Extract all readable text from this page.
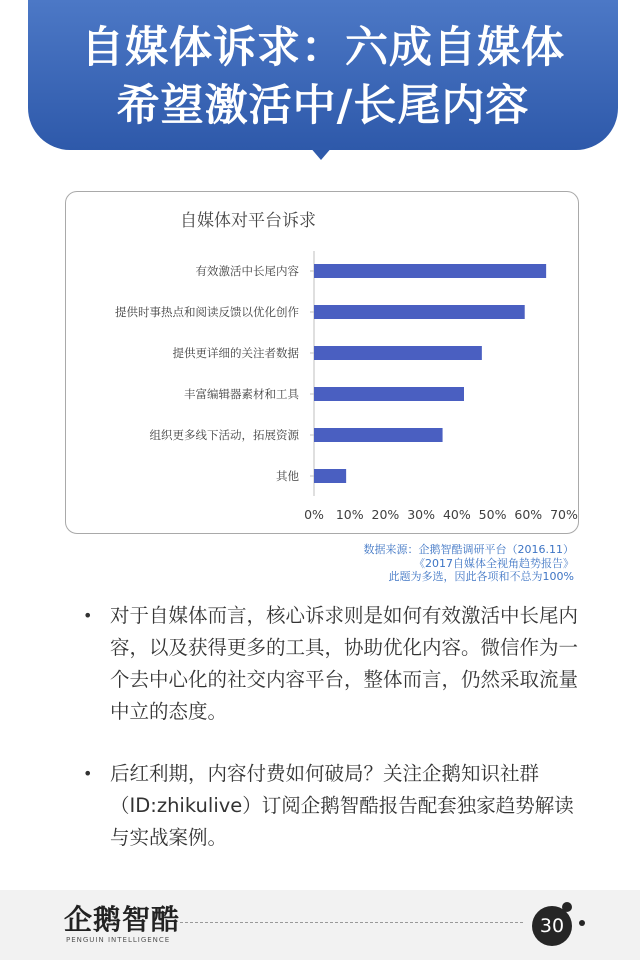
自媒体诉求：六成自媒体
希望激活中/长尾内容
自媒体对平台诉求
有效激活中长尾内容
提供时事热点和阅读反馈以优化创作
提供更详细的关注者数据
丰富编辑器素材和工具
组织更多线下活动，拓展资源
其他
0% 10% 20% 30% 40% 50% 60% 70%
数据来源：企鹅智酷调研平台（2016.11）
《2017自媒体全视角趋势报告》
此题为多选，因此各项和不总为100%
• 对于自媒体而言，核心诉求则是如何有效激活中长尾内容，以及获得更多的工具，协助优化内容。微信作为一个去中心化的社交内容平台，整体而言，仍然采取流量中立的态度。
• 后红利期，内容付费如何破局？关注企鹅知识社群（ID:zhikulive）订阅企鹅智酷报告配套独家趋势解读与实战案例。
企鹅智酷
PENGUIN INTELLIGENCE
30
